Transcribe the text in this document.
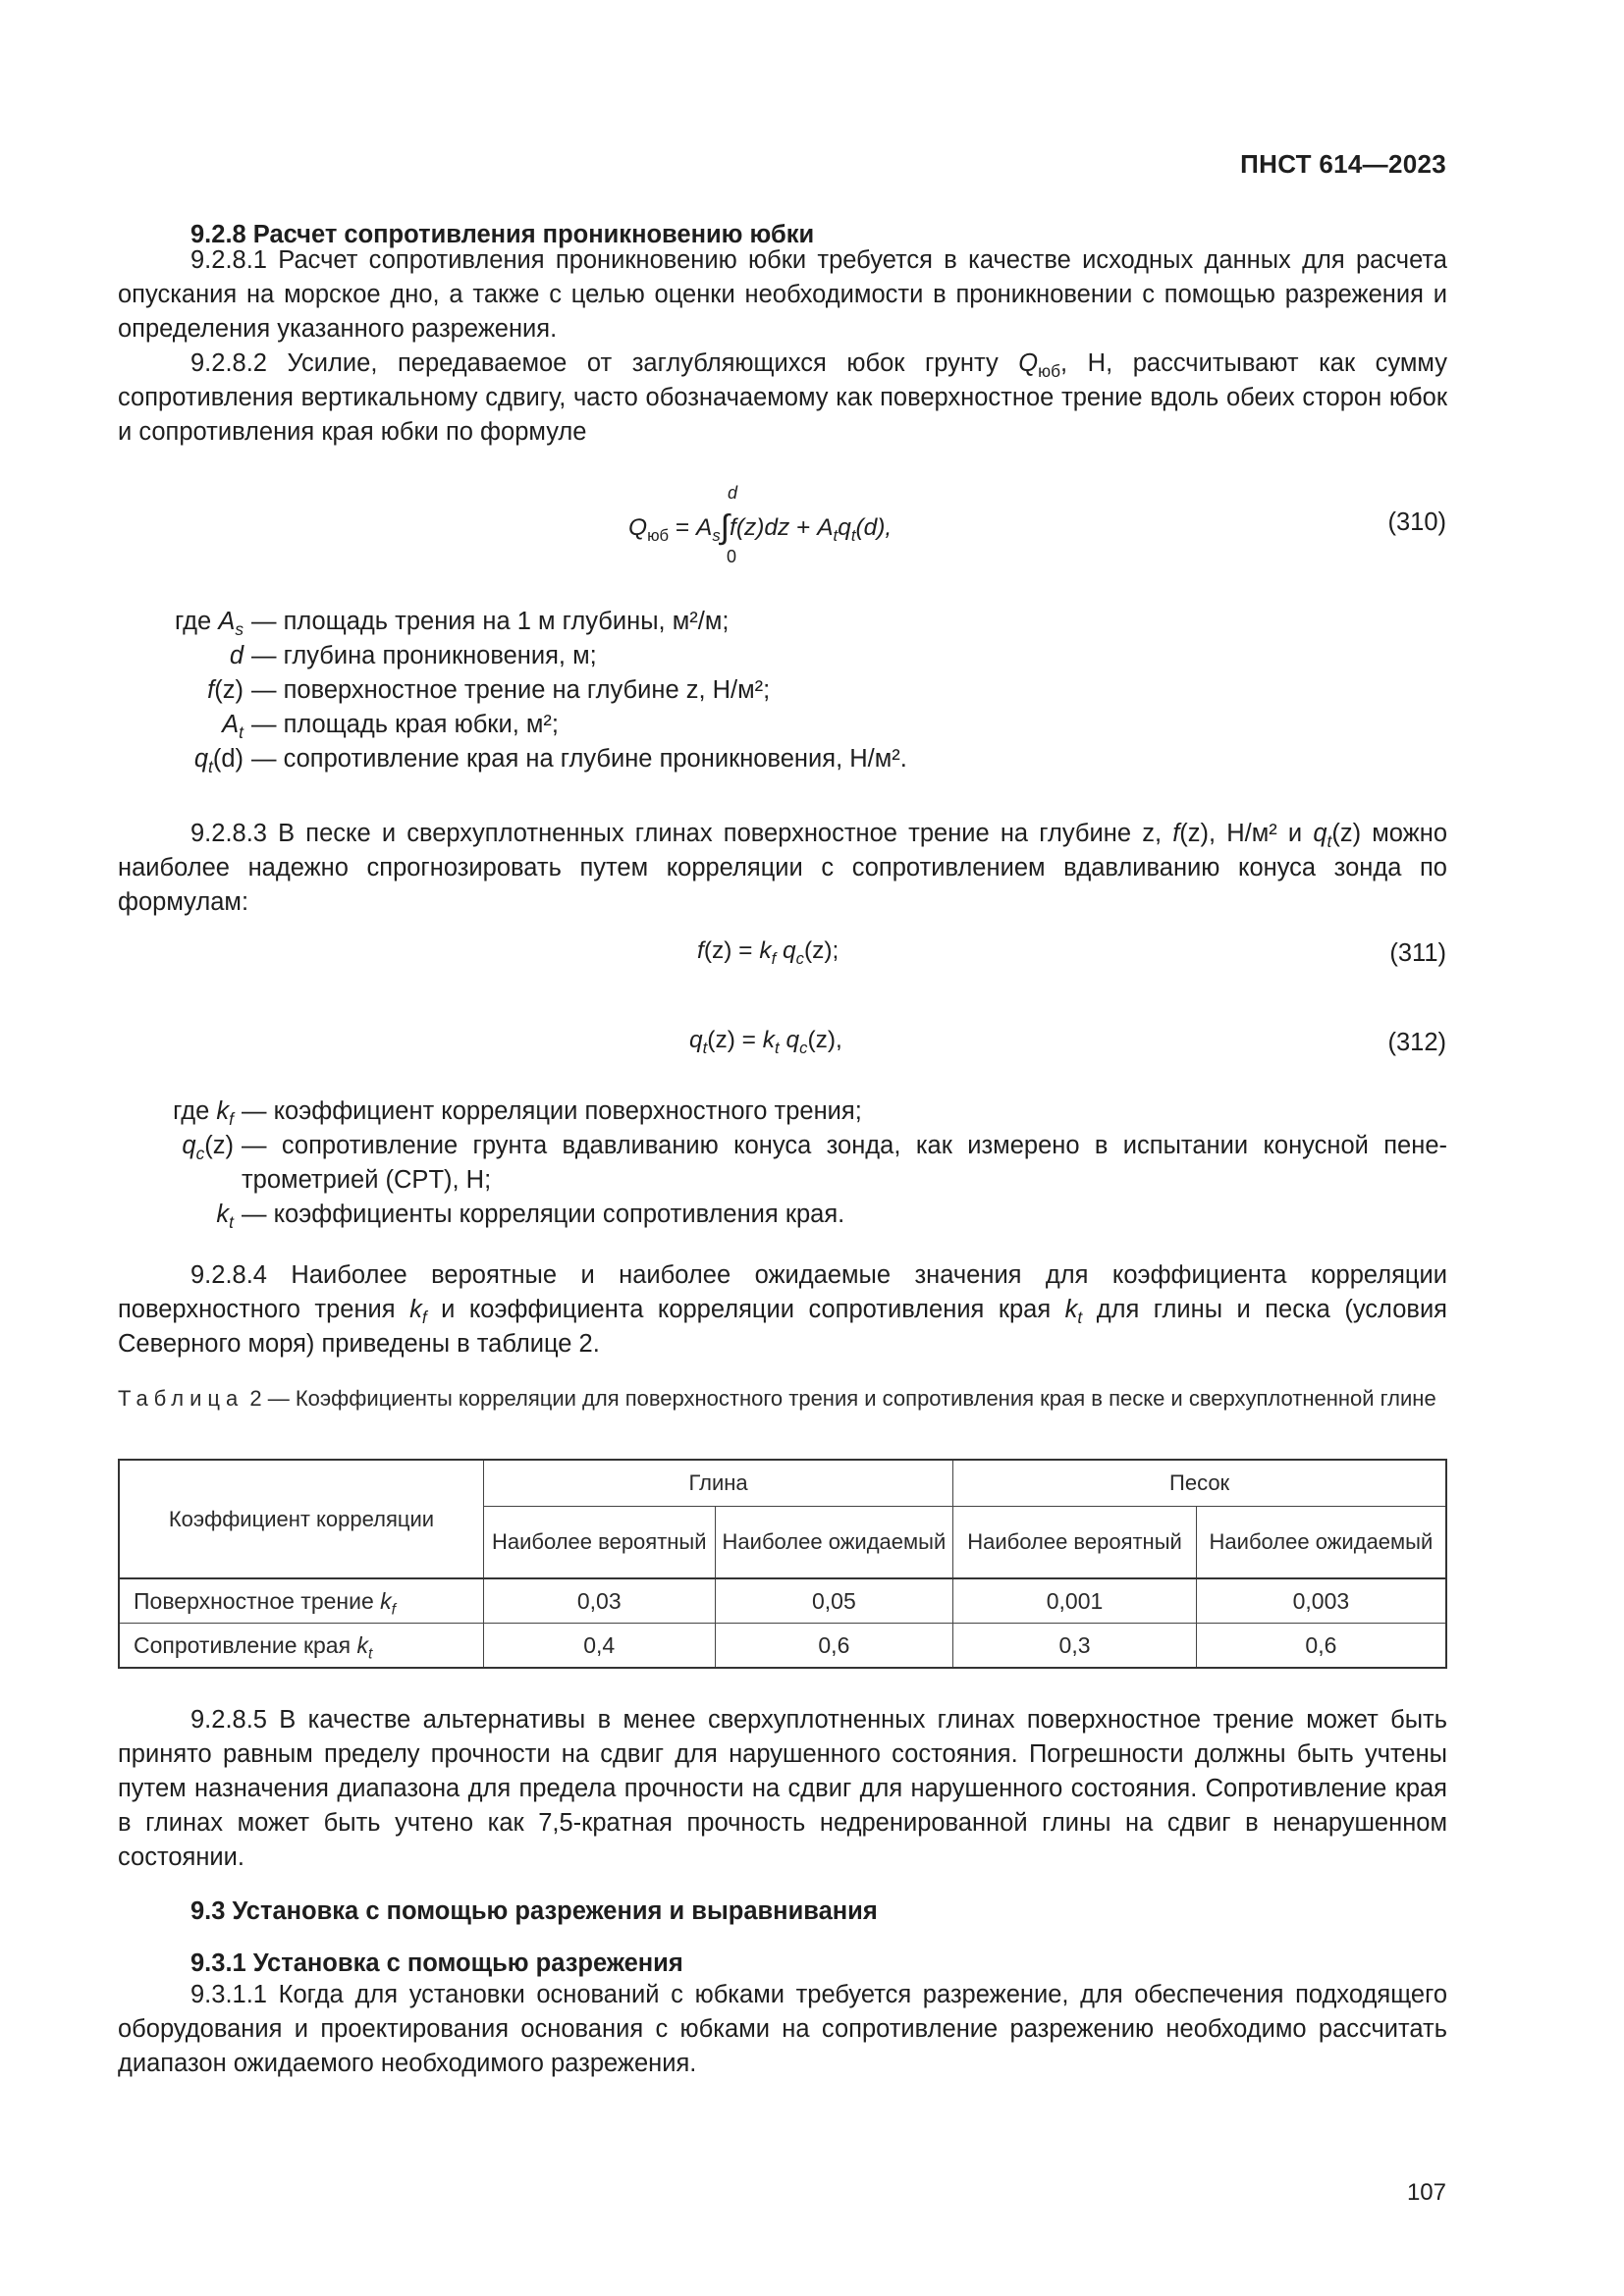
ПНСТ 614—2023
9.2.8 Расчет сопротивления проникновению юбки

9.2.8.1 Расчет сопротивления проникновению юбки требуется в качестве исходных данных для расчета опускания на морское дно, а также с целью оценки необходимости в проникновении с помощью разрежения и определения указанного разрежения.

9.2.8.2 Усилие, передаваемое от заглубляющихся юбок грунту $Q_{юб}$, Н, рассчитывают как сумму сопротивления вертикальному сдвигу, часто обозначаемому как поверхностное трение вдоль обеих сторон юбок и сопротивления края юбки по формуле

$Q_{юб} = A_s\int f(z)dz + A_tq_t(d)$,
d
0
(310)
где $A_s$ — площадь трения на 1 м глубины, м²/м;
d — глубина проникновения, м;
f(z) — поверхностное трение на глубине z, Н/м²;
$A_t$ — площадь края юбки, м²;
$q_t(d)$ — сопротивление края на глубине проникновения, Н/м².

9.2.8.3 В песке и сверхуплотненных глинах поверхностное трение на глубине z, f(z), Н/м² и $q_t(z)$ можно наиболее надежно спрогнозировать путем корреляции с сопротивлением вдавливанию конуса зонда по формулам:

$f(z) = k_f$ $q_c(z)$;	(311)
$q_t(z) = k_t$ $q_c(z)$,	(312)
где $k_f$ — коэффициент корреляции поверхностного трения;
$q_c(z)$ — сопротивление грунта вдавливанию конуса зонда, как измерено в испытании конусной пене-трометрией (CPT), Н;
$k_t$ — коэффициенты корреляции сопротивления края.

9.2.8.4 Наиболее вероятные и наиболее ожидаемые значения для коэффициента корреляции поверхностного трения $k_f$ и коэффициента корреляции сопротивления края $k_t$ для глины и песка (условия Северного моря) приведены в таблице 2.

Таблица 2 — Коэффициенты корреляции для поверхностного трения и сопротивления края в песке и сверхуплотненной глине

Коэффициент корреляции	Глина		Песок	
	Наиболее вероятный	Наиболее ожидаемый	Наиболее вероятный	Наиболее ожидаемый
Поверхностное трение $k_f$	0,03	0,05	0,001	0,003
Сопротивление края $k_t$	0,4	0,6	0,3	0,6

9.2.8.5 В качестве альтернативы в менее сверхуплотненных глинах поверхностное трение может быть принято равным пределу прочности на сдвиг для нарушенного состояния. Погрешности должны быть учтены путем назначения диапазона для предела прочности на сдвиг для нарушенного состояния. Сопротивление края в глинах может быть учтено как 7,5-кратная прочность недренированной глины на сдвиг в ненарушенном состоянии.

9.3 Установка с помощью разрежения и выравнивания
9.3.1 Установка с помощью разрежения

9.3.1.1 Когда для установки оснований с юбками требуется разрежение, для обеспечения подходящего оборудования и проектирования основания с юбками на сопротивление разрежению необходимо рассчитать диапазон ожидаемого необходимого разрежения.

107
